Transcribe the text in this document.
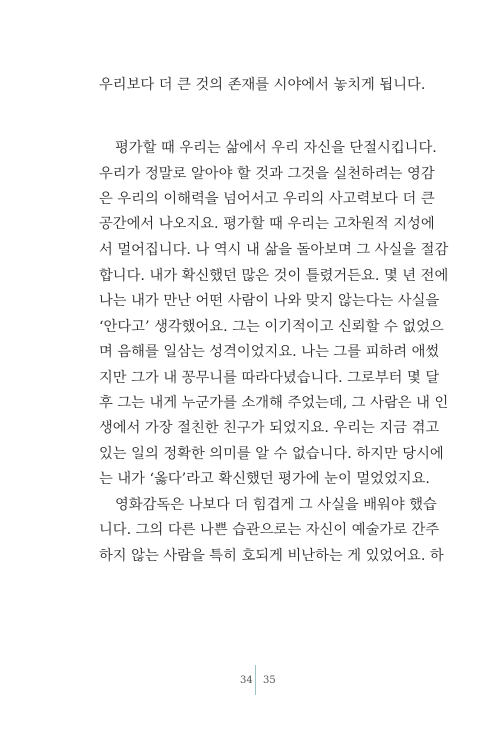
우리보다 더 큰 것의 존재를 시야에서 놓치게 됩니다.
평가할 때 우리는 삶에서 우리 자신을 단절시킵니다.
우리가 정말로 알아야 할 것과 그것을 실천하려는 영감
은 우리의 이해력을 넘어서고 우리의 사고력보다 더 큰
공간에서 나오지요. 평가할 때 우리는 고차원적 지성에
서 멀어집니다. 나 역시 내 삶을 돌아보며 그 사실을 절감
합니다. 내가 확신했던 많은 것이 틀렸거든요. 몇 년 전에
나는 내가 만난 어떤 사람이 나와 맞지 않는다는 사실을
‘안다고’ 생각했어요. 그는 이기적이고 신뢰할 수 없었으
며 음해를 일삼는 성격이었지요. 나는 그를 피하려 애썼
지만 그가 내 꽁무니를 따라다녔습니다. 그로부터 몇 달
후 그는 내게 누군가를 소개해 주었는데, 그 사람은 내 인
생에서 가장 절친한 친구가 되었지요. 우리는 지금 겪고
있는 일의 정확한 의미를 알 수 없습니다. 하지만 당시에
는 내가 ‘옳다’라고 확신했던 평가에 눈이 멀었었지요.
영화감독은 나보다 더 힘겹게 그 사실을 배워야 했습
니다. 그의 다른 나쁜 습관으로는 자신이 예술가로 간주
하지 않는 사람을 특히 호되게 비난하는 게 있었어요. 하
34 35
